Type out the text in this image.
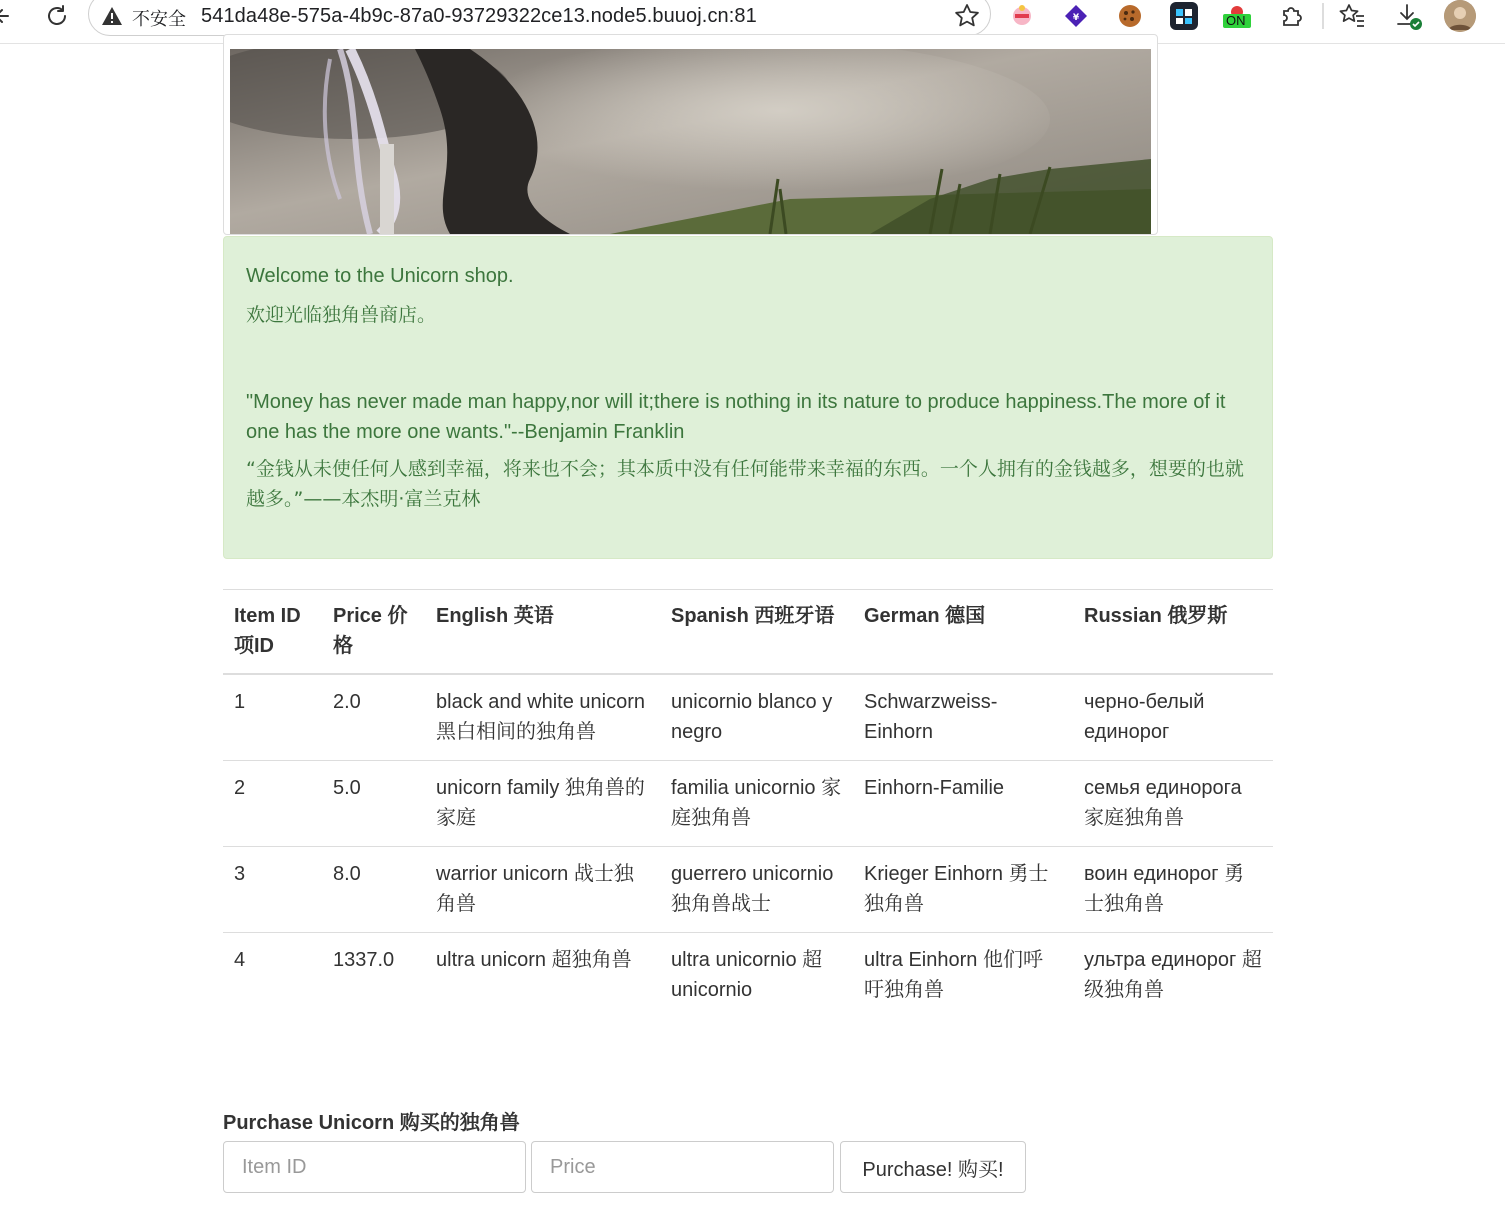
不安全 541da48e-575a-4b9c-87a0-93729322ce13.node5.buuoj.cn:81	¥	ON

Welcome to the Unicorn shop.

欢迎光临独角兽商店。

"Money has never made man happy,nor will it;there is nothing in its nature to produce happiness.The more of it one has the more one wants."--Benjamin Franklin

“金钱从未使任何人感到幸福，将来也不会；其本质中没有任何能带来幸福的东西。一个人拥有的金钱越多，想要的也就越多。”——本杰明·富兰克林

Item ID 项ID	Price 价格	English 英语	Spanish 西班牙语	German 德国	Russian 俄罗斯
1	2.0	black and white unicorn 黑白相间的独角兽	unicornio blanco y negro	Schwarzweiss-Einhorn	черно-белый единорог
2	5.0	unicorn family 独角兽的家庭	familia unicornio 家庭独角兽	Einhorn-Familie	семья единорога 家庭独角兽
3	8.0	warrior unicorn 战士独角兽	guerrero unicornio 独角兽战士	Krieger Einhorn 勇士独角兽	воин единорог 勇士独角兽
4	1337.0	ultra unicorn 超独角兽	ultra unicornio 超unicornio	ultra Einhorn 他们呼吁独角兽	ультра единорог 超级独角兽
Purchase Unicorn 购买的独角兽
Item ID
Price
Purchase! 购买!
